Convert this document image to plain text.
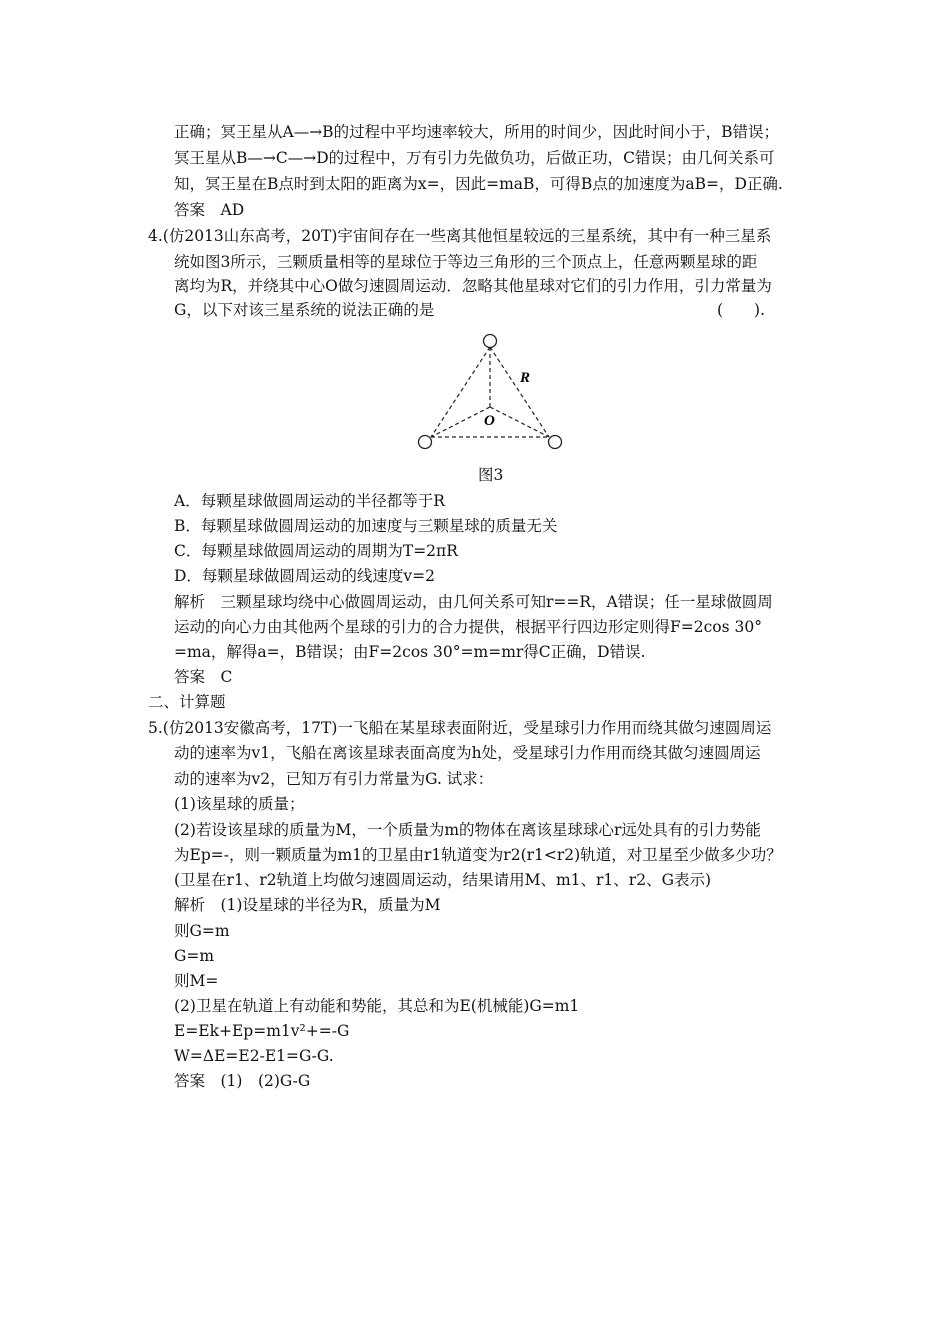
正确；冥王星从A—→B的过程中平均速率较大，所用的时间少，因此时间小于，B错误；
冥王星从B—→C—→D的过程中，万有引力先做负功，后做正功，C错误；由几何关系可
知，冥王星在B点时到太阳的距离为x=，因此=maB，可得B点的加速度为aB=，D正确.
答案　AD
4.(仿2013山东高考，20T)宇宙间存在一些离其他恒星较远的三星系统，其中有一种三星系
统如图3所示，三颗质量相等的星球位于等边三角形的三个顶点上，任意两颗星球的距
离均为R，并绕其中心O做匀速圆周运动．忽略其他星球对它们的引力作用，引力常量为
G，以下对该三星系统的说法正确的是	(　　).
R
O
图3
A．每颗星球做圆周运动的半径都等于R
B．每颗星球做圆周运动的加速度与三颗星球的质量无关
C．每颗星球做圆周运动的周期为T=2πR
D．每颗星球做圆周运动的线速度v=2
解析　三颗星球均绕中心做圆周运动，由几何关系可知r==R，A错误；任一星球做圆周
运动的向心力由其他两个星球的引力的合力提供，根据平行四边形定则得F=2cos 30°
=ma，解得a=，B错误；由F=2cos 30°=m=mr得C正确，D错误.
答案　C
二、计算题
5.(仿2013安徽高考，17T)一飞船在某星球表面附近，受星球引力作用而绕其做匀速圆周运
动的速率为v1，飞船在离该星球表面高度为h处，受星球引力作用而绕其做匀速圆周运
动的速率为v2，已知万有引力常量为G. 试求：
(1)该星球的质量；
(2)若设该星球的质量为M，一个质量为m的物体在离该星球球心r远处具有的引力势能
为Ep=-，则一颗质量为m1的卫星由r1轨道变为r2(r1<r2)轨道，对卫星至少做多少功？
(卫星在r1、r2轨道上均做匀速圆周运动，结果请用M、m1、r1、r2、G表示)
解析　(1)设星球的半径为R，质量为M
则G=m
G=m
则M=
(2)卫星在轨道上有动能和势能，其总和为E(机械能)G=m1
E=Ek+Ep=m1v²+=-G
W=ΔE=E2-E1=G-G.
答案　(1)　(2)G-G
